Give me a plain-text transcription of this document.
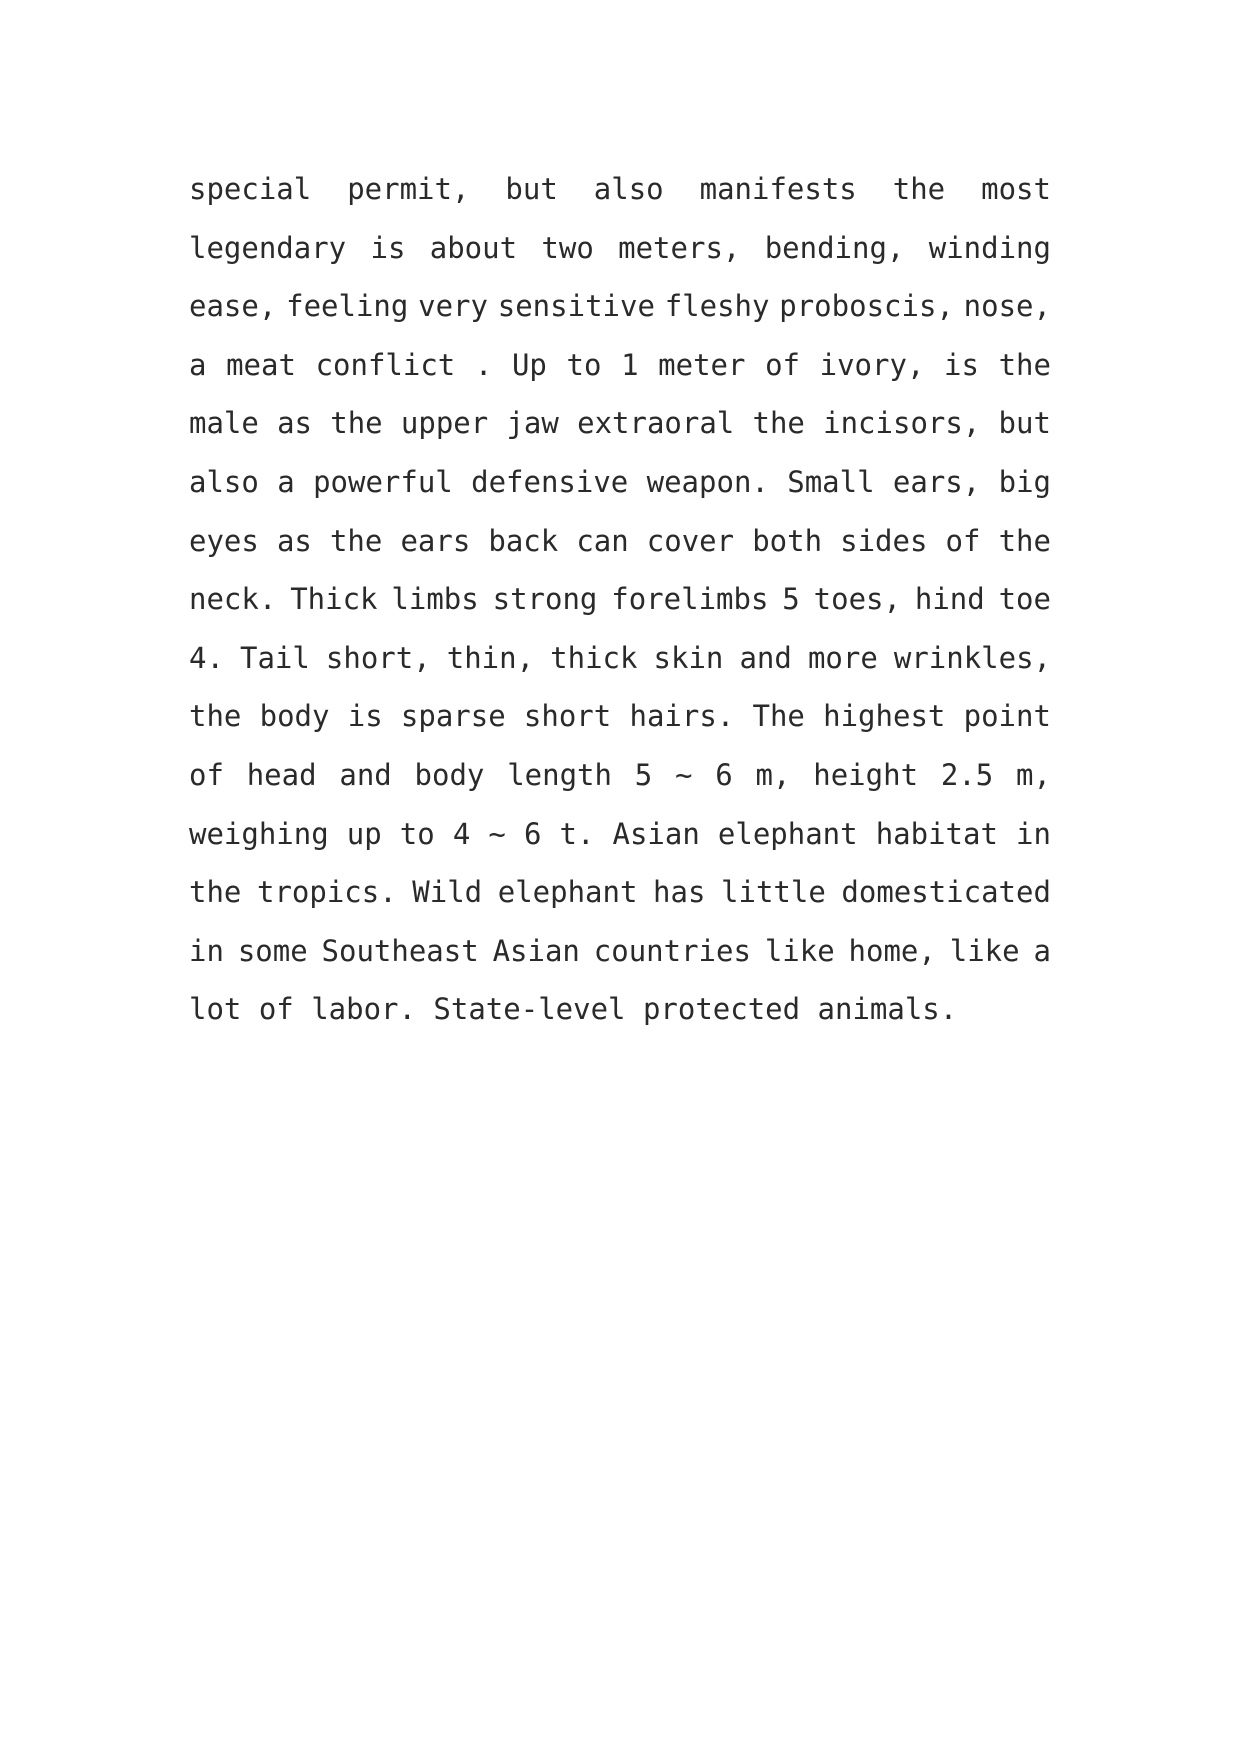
special permit, but also manifests the most
legendary is about two meters, bending, winding
ease, feeling very sensitive fleshy proboscis, nose,
a meat conflict . Up to 1 meter of ivory, is the
male as the upper jaw extraoral the incisors, but
also a powerful defensive weapon. Small ears, big
eyes as the ears back can cover both sides of the
neck. Thick limbs strong forelimbs 5 toes, hind toe
4. Tail short, thin, thick skin and more wrinkles,
the body is sparse short hairs. The highest point
of head and body length 5 ~ 6 m, height 2.5 m,
weighing up to 4 ~ 6 t. Asian elephant habitat in
the tropics. Wild elephant has little domesticated
in some Southeast Asian countries like home, like a
lot of labor. State-level protected animals.
